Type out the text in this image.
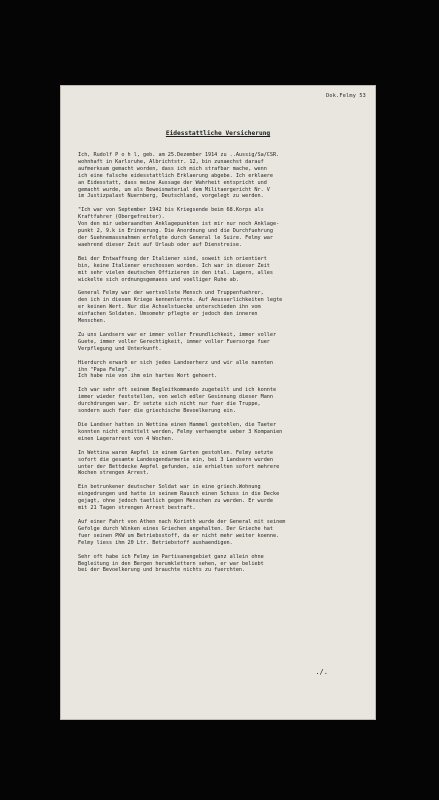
Dok.Felmy 53
Eidesstattliche Versicherung
Ich, Rudolf P o h l, geb. am 25.Dezember 1914 zu ..Aussig/Sa/CSR.
wohnhaft in Karlsruhe, Albrichtstr. 12, bin zunaechst darauf
aufmerksam gemacht worden, dass ich mich strafbar mache, wenn
ich eine falsche eidesstattlich Erklaerung abgebe. Ich erklaere
an Eidesstatt, dass meine Aussage der Wahrheit entspricht und
gemacht wurde, um als Beweismaterial dem Militaergericht Nr. V
im Justizpalast Nuernberg, Deutschland, vorgelegt zu werden.
"Ich war von September 1942 bis Kriegsende beim 68.Korps als
Kraftfahrer (Obergefreiter).
Von den mir ueberaandten Anklagepunkten ist mir nur noch Anklage-
punkt 2, 9.k in Erinnerung. Die Anordnung und die Durchfuehrung
der Suehnemassnahmen erfolgte durch General le Suire. Felmy war
waehrend dieser Zeit auf Urlaub oder auf Dienstreise.
Bei der Entwaffnung der Italiener sind, soweit ich orientiert
bin, keine Italiener erschossen worden. Ich war in dieser Zeit
mit sehr vielen deutschen Offizieren in den ital. Lagern, alles
wickelte sich ordnungsgemaess und voelliger Ruhe ab.
General Felmy war der wertvollste Mensch und Truppenfuehrer,
den ich in diesem Kriege kennenlernte. Auf Aeusserlichkeiten legte
er keinen Wert. Nur die Achselstuecke unterschieden ihn vom
einfachen Soldaten. Umsomehr pflegte er jedoch den inneren
Menschen.
Zu uns Landsern war er immer voller Freundlichkeit, immer voller
Guete, immer voller Gerechtigkeit, immer voller Fuersorge fuer
Verpflegung und Unterkunft.
Hierdurch erwarb er sich jedes Landserherz und wir alle nannten
ihn "Papa Felmy".
Ich habe nie von ihm ein hartes Wort gehoert.
Ich war sehr oft seinem Begleitkommando zugeteilt und ich konnte
immer wieder feststellen, von welch edler Gesinnung dieser Mann
durchdrungen war. Er setzte sich nicht nur fuer die Truppe,
sondern auch fuer die griechische Bevoelkerung ein.
Die Landser hatten in Wettina einen Hammel gestohlen, die Taeter
konnten nicht ermittelt werden, Felmy verhaengte ueber 3 Kompanien
einen Lagerarrest von 4 Wochen.
In Wettina waren Aepfel in einem Garten gestohlen. Felmy setzte
sofort die gesamte Landesgendarmerie ein, bei 3 Landsern wurden
unter der Bettdecke Aepfel gefunden, sie erhielten sofort mehrere
Wochen strengen Arrest.
Ein betrunkener deutscher Soldat war in eine griech.Wohnung
eingedrungen und hatte in seinem Rausch einen Schuss in die Decke
gejagt, ohne jedoch taetlich gegen Menschen zu werden. Er wurde
mit 21 Tagen strengen Arrest bestraft.
Auf einer Fahrt von Athen nach Korinth wurde der General mit seinem
Gefolge durch Winken eines Griechen angehalten. Der Grieche hat
fuer seinen PKW um Betriebsstoff, da er nicht mehr weiter koenne.
Felmy liess ihm 20 Ltr. Betriebstoff aushaendigen.
Sehr oft habe ich Felmy im Partisanengebiet ganz allein ohne
Begleitung in den Bergen herumklettern sehen, er war beliebt
bei der Bevoelkerung und brauchte nichts zu fuerchten.
./.
